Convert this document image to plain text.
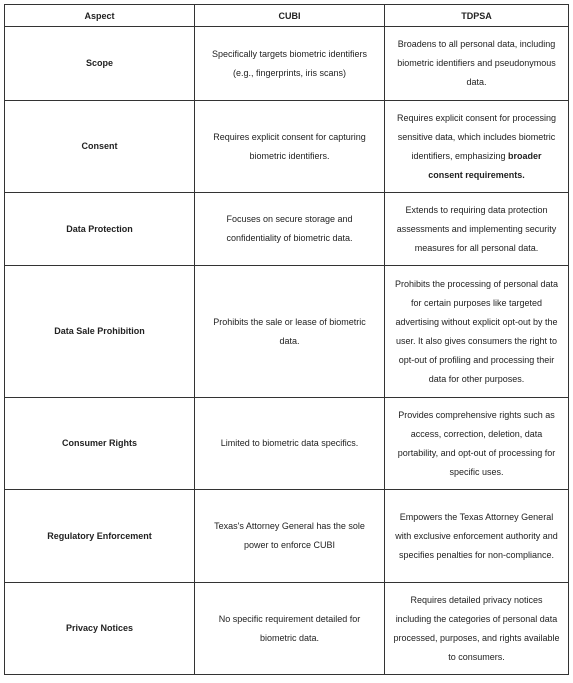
Aspect	CUBI	TDPSA
Scope	Specifically targets biometric identifiers (e.g., fingerprints, iris scans)	Broadens to all personal data, including biometric identifiers and pseudonymous data.
Consent	Requires explicit consent for capturing biometric identifiers.	Requires explicit consent for processing sensitive data, which includes biometric identifiers, emphasizing broader consent requirements.
Data Protection	Focuses on secure storage and confidentiality of biometric data.	Extends to requiring data protection assessments and implementing security measures for all personal data.
Data Sale Prohibition	Prohibits the sale or lease of biometric data.	Prohibits the processing of personal data for certain purposes like targeted advertising without explicit opt-out by the user. It also gives consumers the right to opt-out of profiling and processing their data for other purposes.
Consumer Rights	Limited to biometric data specifics.	Provides comprehensive rights such as access, correction, deletion, data portability, and opt-out of processing for specific uses.
Regulatory Enforcement	Texas's Attorney General has the sole power to enforce CUBI	Empowers the Texas Attorney General with exclusive enforcement authority and specifies penalties for non-compliance.
Privacy Notices	No specific requirement detailed for biometric data.	Requires detailed privacy notices including the categories of personal data processed, purposes, and rights available to consumers.
